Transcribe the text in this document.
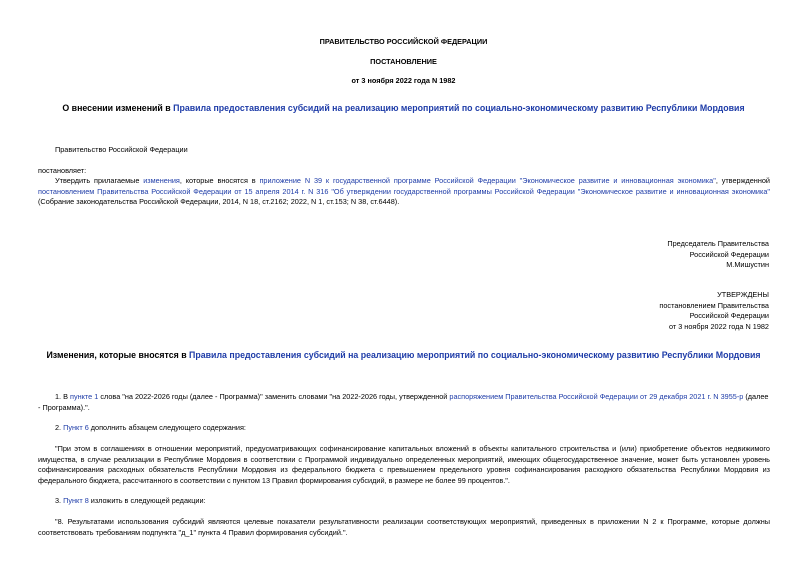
ПРАВИТЕЛЬСТВО РОССИЙСКОЙ ФЕДЕРАЦИИ
ПОСТАНОВЛЕНИЕ
от 3 ноября 2022 года N 1982
О внесении изменений в Правила предоставления субсидий на реализацию мероприятий по социально-экономическому развитию Республики Мордовия
Правительство Российской Федерации
постановляет:
Утвердить прилагаемые изменения, которые вносятся в приложение N 39 к государственной программе Российской Федерации "Экономическое развитие и инновационная экономика", утвержденной постановлением Правительства Российской Федерации от 15 апреля 2014 г. N 316 "Об утверждении государственной программы Российской Федерации "Экономическое развитие и инновационная экономика" (Собрание законодательства Российской Федерации, 2014, N 18, ст.2162; 2022, N 1, ст.153; N 38, ст.6448).
Председатель Правительства
Российской Федерации
М.Мишустин
УТВЕРЖДЕНЫ
постановлением Правительства
Российской Федерации
от 3 ноября 2022 года N 1982
Изменения, которые вносятся в Правила предоставления субсидий на реализацию мероприятий по социально-экономическому развитию Республики Мордовия
1. В пункте 1 слова "на 2022-2026 годы (далее - Программа)" заменить словами "на 2022-2026 годы, утвержденной распоряжением Правительства Российской Федерации от 29 декабря 2021 г. N 3955-р (далее - Программа).".
2. Пункт 6 дополнить абзацем следующего содержания:
"При этом в соглашениях в отношении мероприятий, предусматривающих софинансирование капитальных вложений в объекты капитального строительства и (или) приобретение объектов недвижимого имущества, в случае реализации в Республике Мордовия в соответствии с Программой индивидуально определенных мероприятий, имеющих общегосударственное значение, может быть установлен уровень софинансирования расходных обязательств Республики Мордовия из федерального бюджета с превышением предельного уровня софинансирования расходного обязательства Республики Мордовия из федерального бюджета, рассчитанного в соответствии с пунктом 13 Правил формирования субсидий, в размере не более 99 процентов.".
3. Пункт 8 изложить в следующей редакции:
"8. Результатами использования субсидий являются целевые показатели результативности реализации соответствующих мероприятий, приведенных в приложении N 2 к Программе, которые должны соответствовать требованиям подпункта "д_1" пункта 4 Правил формирования субсидий.".
